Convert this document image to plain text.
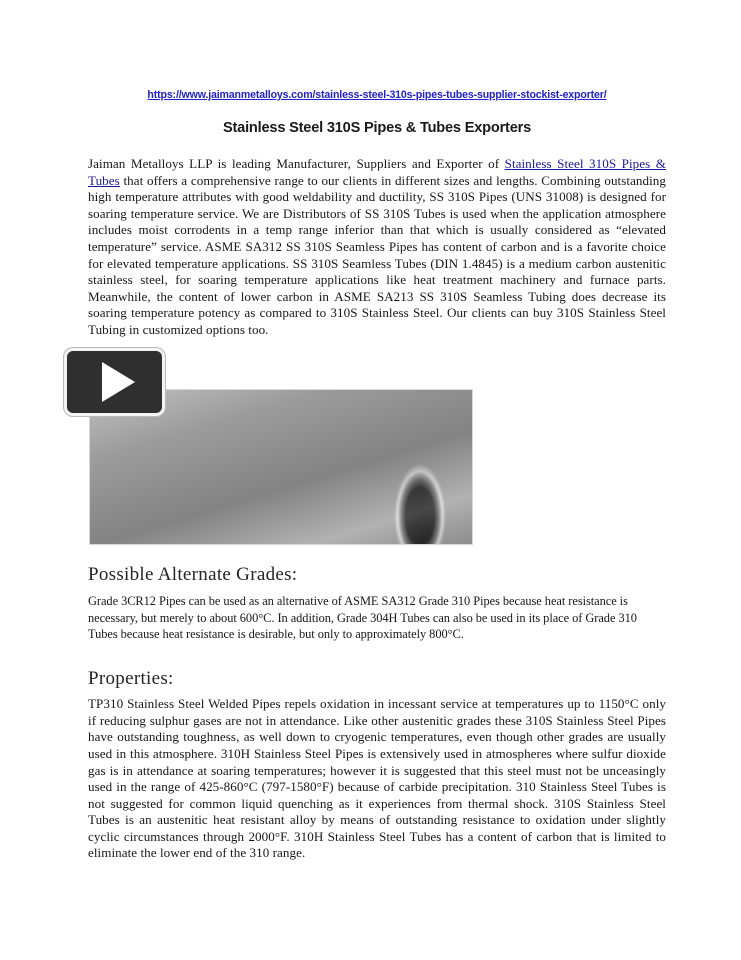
https://www.jaimanmetalloys.com/stainless-steel-310s-pipes-tubes-supplier-stockist-exporter/
Stainless Steel 310S Pipes & Tubes Exporters

Jaiman Metalloys LLP is leading Manufacturer, Suppliers and Exporter of Stainless Steel 310S Pipes & Tubes that offers a comprehensive range to our clients in different sizes and lengths. Combining outstanding high temperature attributes with good weldability and ductility, SS 310S Pipes (UNS 31008) is designed for soaring temperature service. We are Distributors of SS 310S Tubes is used when the application atmosphere includes moist corrodents in a temp range inferior than that which is usually considered as “elevated temperature” service. ASME SA312 SS 310S Seamless Pipes has content of carbon and is a favorite choice for elevated temperature applications. SS 310S Seamless Tubes (DIN 1.4845) is a medium carbon austenitic stainless steel, for soaring temperature applications like heat treatment machinery and furnace parts. Meanwhile, the content of lower carbon in ASME SA213 SS 310S Seamless Tubing does decrease its soaring temperature potency as compared to 310S Stainless Steel. Our clients can buy 310S Stainless Steel Tubing in customized options too.

Possible Alternate Grades:

Grade 3CR12 Pipes can be used as an alternative of ASME SA312 Grade 310 Pipes because heat resistance is necessary, but merely to about 600°C. In addition, Grade 304H Tubes can also be used in its place of Grade 310 Tubes because heat resistance is desirable, but only to approximately 800°C.

Properties:

TP310 Stainless Steel Welded Pipes repels oxidation in incessant service at temperatures up to 1150°C only if reducing sulphur gases are not in attendance. Like other austenitic grades these 310S Stainless Steel Pipes have outstanding toughness, as well down to cryogenic temperatures, even though other grades are usually used in this atmosphere. 310H Stainless Steel Pipes is extensively used in atmospheres where sulfur dioxide gas is in attendance at soaring temperatures; however it is suggested that this steel must not be unceasingly used in the range of 425-860°C (797-1580°F) because of carbide precipitation. 310 Stainless Steel Tubes is not suggested for common liquid quenching as it experiences from thermal shock. 310S Stainless Steel Tubes is an austenitic heat resistant alloy by means of outstanding resistance to oxidation under slightly cyclic circumstances through 2000°F. 310H Stainless Steel Tubes has a content of carbon that is limited to eliminate the lower end of the 310 range.
